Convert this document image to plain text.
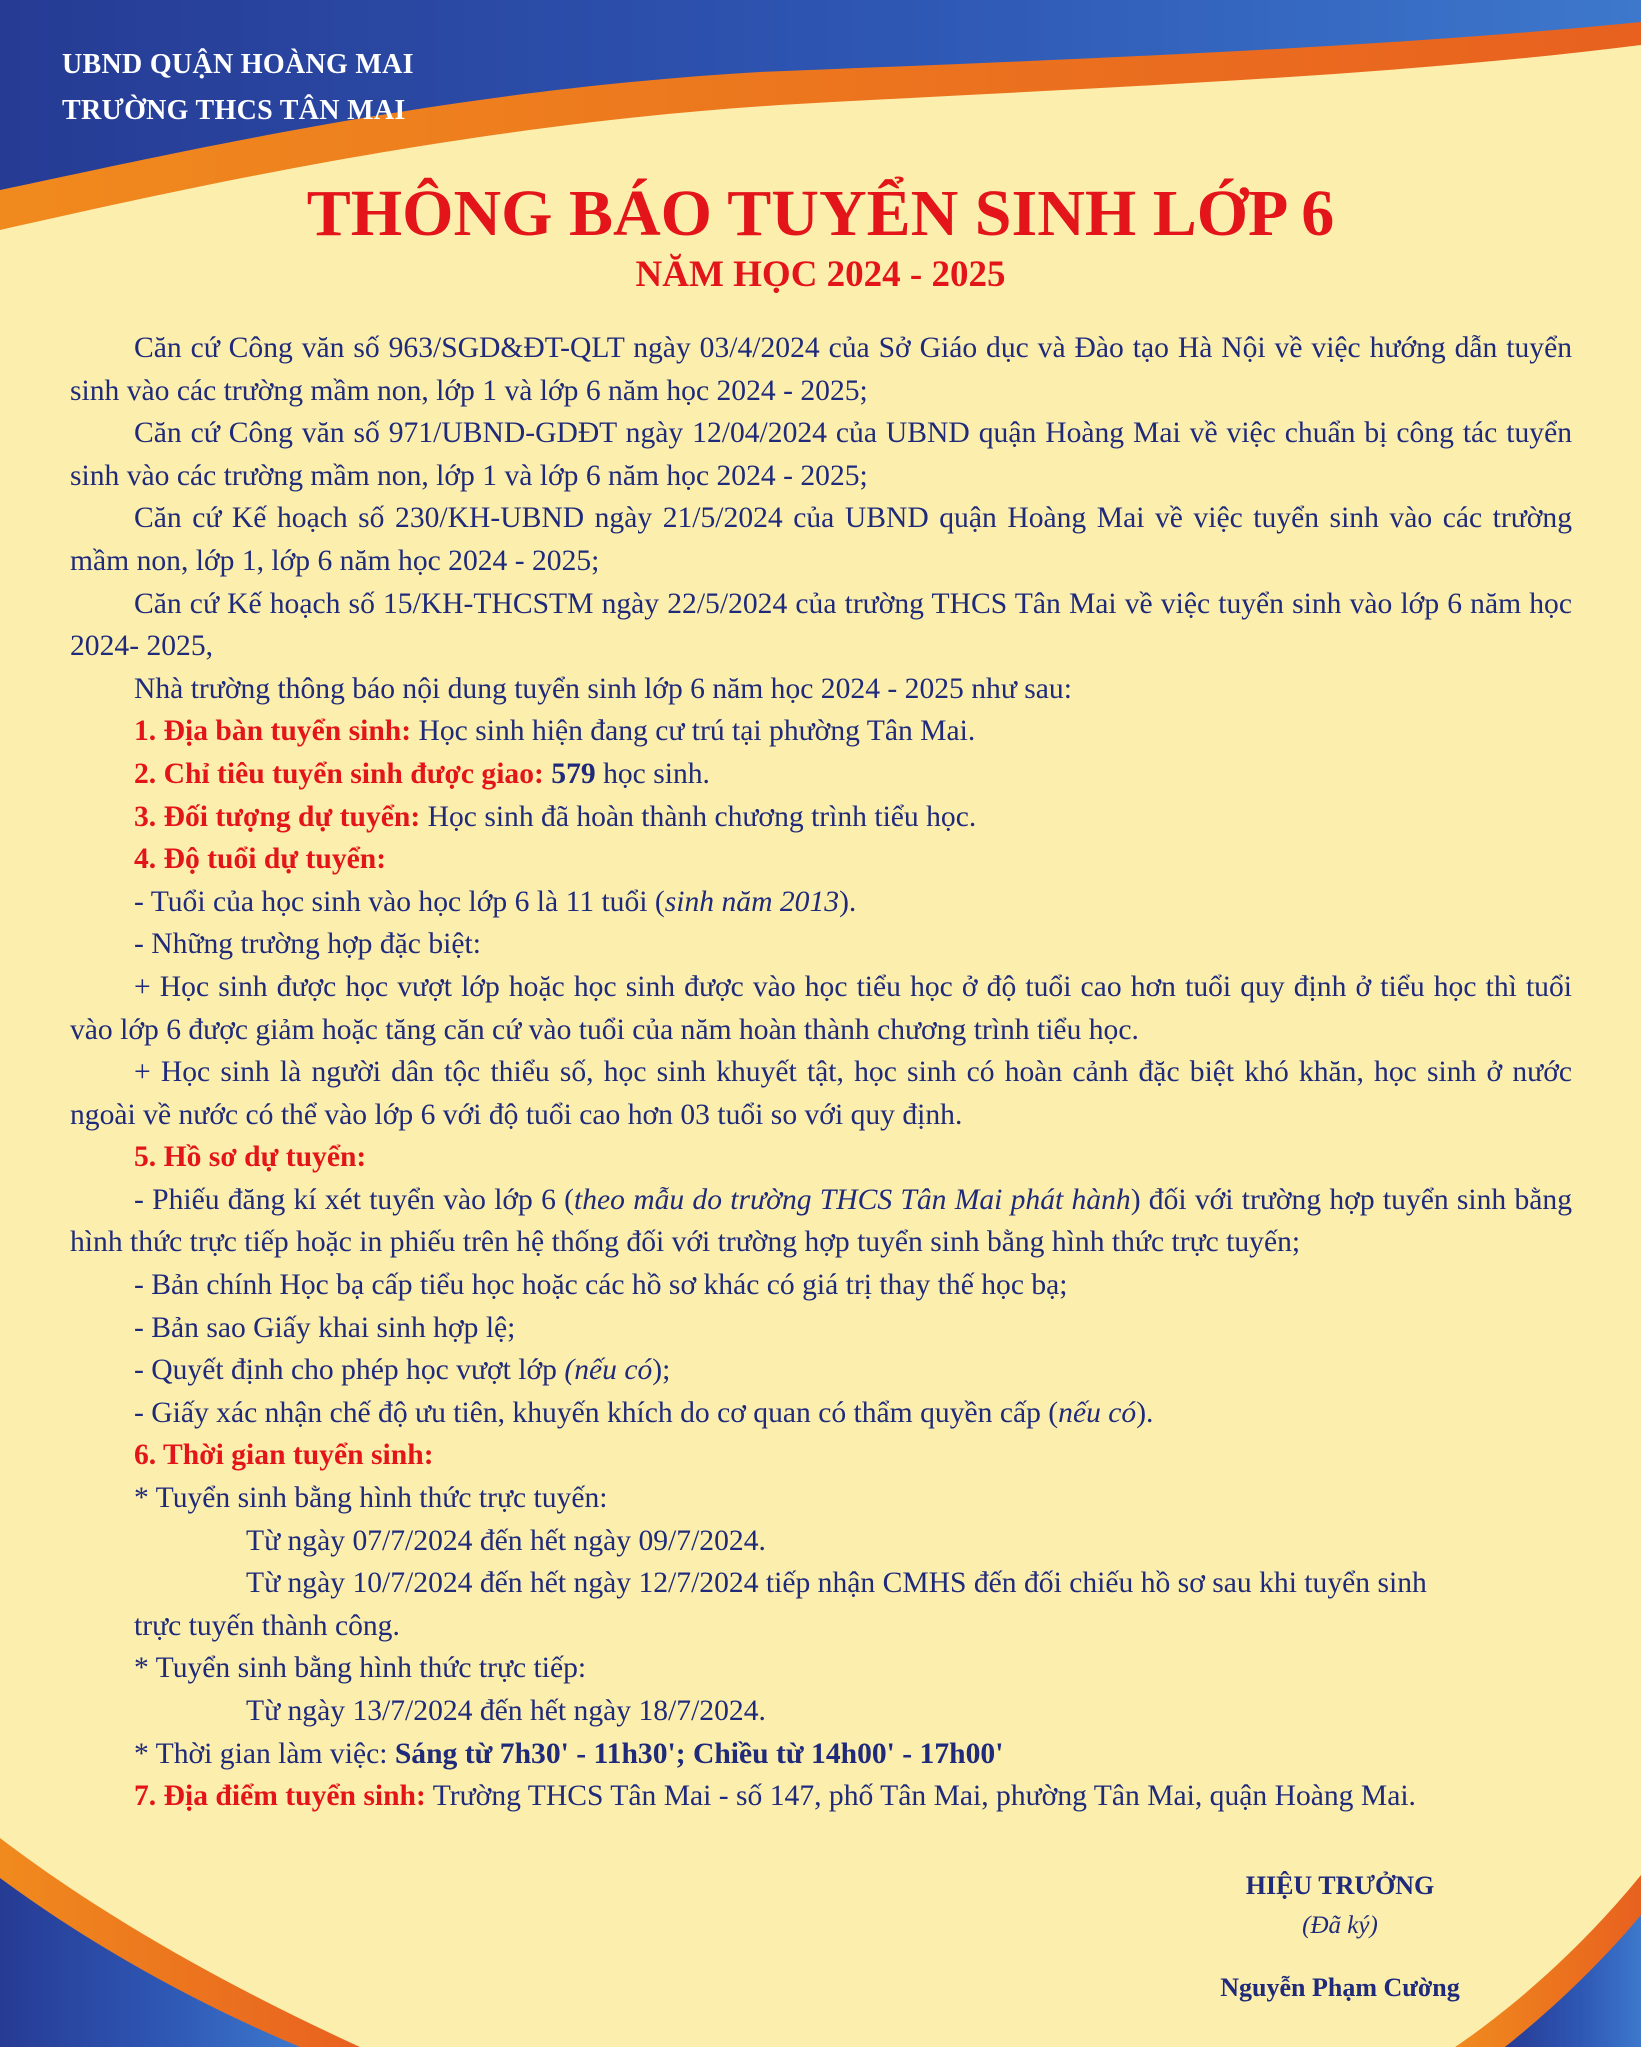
UBND QUẬN HOÀNG MAI
TRƯỜNG THCS TÂN MAI
THÔNG BÁO TUYỂN SINH LỚP 6
NĂM HỌC 2024 - 2025

Căn cứ Công văn số 963/SGD&ĐT-QLT ngày 03/4/2024 của Sở Giáo dục và Đào tạo Hà Nội về việc hướng dẫn tuyển sinh vào các trường mầm non, lớp 1 và lớp 6 năm học 2024 - 2025;

Căn cứ Công văn số 971/UBND-GDĐT ngày 12/04/2024 của UBND quận Hoàng Mai về việc chuẩn bị công tác tuyển sinh vào các trường mầm non, lớp 1 và lớp 6 năm học 2024 - 2025;

Căn cứ Kế hoạch số 230/KH-UBND ngày 21/5/2024 của UBND quận Hoàng Mai về việc tuyển sinh vào các trường mầm non, lớp 1, lớp 6 năm học 2024 - 2025;

Căn cứ Kế hoạch số 15/KH-THCSTM ngày 22/5/2024 của trường THCS Tân Mai về việc tuyển sinh vào lớp 6 năm học 2024- 2025,

Nhà trường thông báo nội dung tuyển sinh lớp 6 năm học 2024 - 2025 như sau:

1. Địa bàn tuyển sinh: Học sinh hiện đang cư trú tại phường Tân Mai.

2. Chỉ tiêu tuyển sinh được giao: 579 học sinh.

3. Đối tượng dự tuyển: Học sinh đã hoàn thành chương trình tiểu học.

4. Độ tuổi dự tuyển:

- Tuổi của học sinh vào học lớp 6 là 11 tuổi (sinh năm 2013).

- Những trường hợp đặc biệt:

+ Học sinh được học vượt lớp hoặc học sinh được vào học tiểu học ở độ tuổi cao hơn tuổi quy định ở tiểu học thì tuổi vào lớp 6 được giảm hoặc tăng căn cứ vào tuổi của năm hoàn thành chương trình tiểu học.

+ Học sinh là người dân tộc thiểu số, học sinh khuyết tật, học sinh có hoàn cảnh đặc biệt khó khăn, học sinh ở nước ngoài về nước có thể vào lớp 6 với độ tuổi cao hơn 03 tuổi so với quy định.

5. Hồ sơ dự tuyển:

- Phiếu đăng kí xét tuyển vào lớp 6 (theo mẫu do trường THCS Tân Mai phát hành) đối với trường hợp tuyển sinh bằng hình thức trực tiếp hoặc in phiếu trên hệ thống đối với trường hợp tuyển sinh bằng hình thức trực tuyến;

- Bản chính Học bạ cấp tiểu học hoặc các hồ sơ khác có giá trị thay thế học bạ;

- Bản sao Giấy khai sinh hợp lệ;

- Quyết định cho phép học vượt lớp (nếu có);

- Giấy xác nhận chế độ ưu tiên, khuyến khích do cơ quan có thẩm quyền cấp (nếu có).

6. Thời gian tuyển sinh:

* Tuyển sinh bằng hình thức trực tuyến:

Từ ngày 07/7/2024 đến hết ngày 09/7/2024.

Từ ngày 10/7/2024 đến hết ngày 12/7/2024 tiếp nhận CMHS đến đối chiếu hồ sơ sau khi tuyển sinh

trực tuyến thành công.

* Tuyển sinh bằng hình thức trực tiếp:

Từ ngày 13/7/2024 đến hết ngày 18/7/2024.

* Thời gian làm việc: Sáng từ 7h30' - 11h30'; Chiều từ 14h00' - 17h00'

7. Địa điểm tuyển sinh: Trường THCS Tân Mai - số 147, phố Tân Mai, phường Tân Mai, quận Hoàng Mai.

HIỆU TRƯỞNG
(Đã ký)
Nguyễn Phạm Cường
